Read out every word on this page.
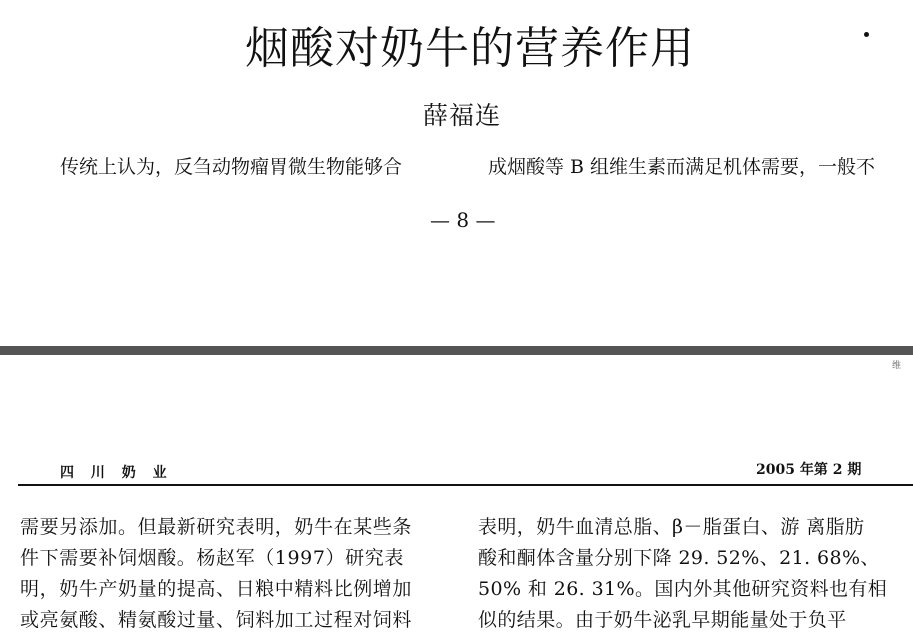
烟酸对奶牛的营养作用
薛福连
传统上认为，反刍动物瘤胃微生物能够合	成烟酸等 B 组维生素而满足机体需要，一般不
— 8 —
维
四 川 奶 业	2005 年第 2 期
需要另添加。但最新研究表明，奶牛在某些条
件下需要补饲烟酸。杨赵军（1997）研究表
明，奶牛产奶量的提高、日粮中精料比例增加
或亮氨酸、精氨酸过量、饲料加工过程对饲料
表明，奶牛血清总脂、β－脂蛋白、游 离脂肪
酸和酮体含量分别下降 29. 52%、21. 68%、
50% 和 26. 31%。国内外其他研究资料也有相
似的结果。由于奶牛泌乳早期能量处于负平
